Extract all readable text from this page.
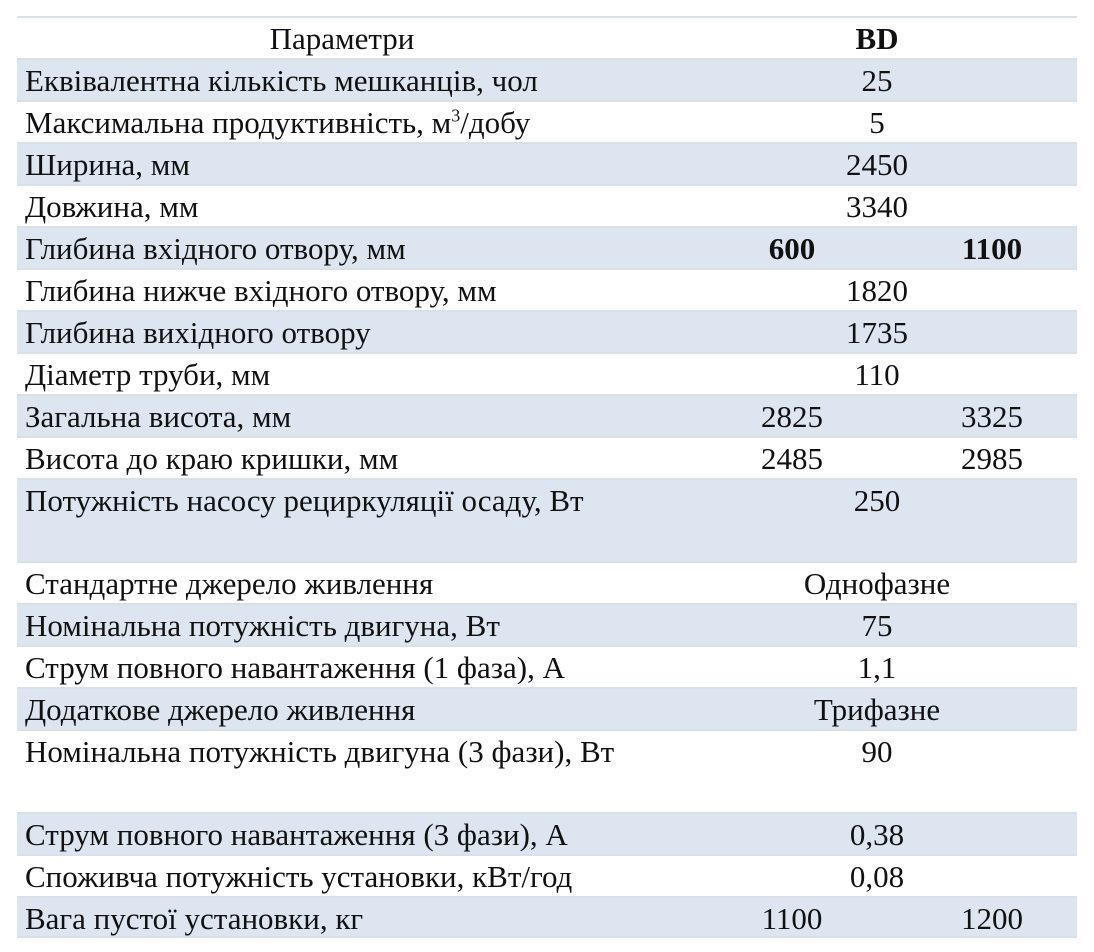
Параметри	BD
Еквівалентна кількість мешканців, чол	25
Максимальна продуктивність, $м^3$/добу	5
Ширина, мм	2450
Довжина, мм	3340
Глибина вхідного отвору, мм	600	1100
Глибина нижче вхідного отвору, мм	1820
Глибина вихідного отвору	1735
Діаметр труби, мм	110
Загальна висота, мм	2825	3325
Висота до краю кришки, мм	2485	2985
Потужність насосу рециркуляції осаду, Вт	250
Стандартне джерело живлення	Однофазне
Номінальна потужність двигуна, Вт	75
Струм повного навантаження (1 фаза), А	1,1
Додаткове джерело живлення	Трифазне
Номінальна потужність двигуна (3 фази), Вт	90
Струм повного навантаження (3 фази), А	0,38
Споживча потужність установки, кВт/год	0,08
Вага пустої установки, кг	1100	1200
